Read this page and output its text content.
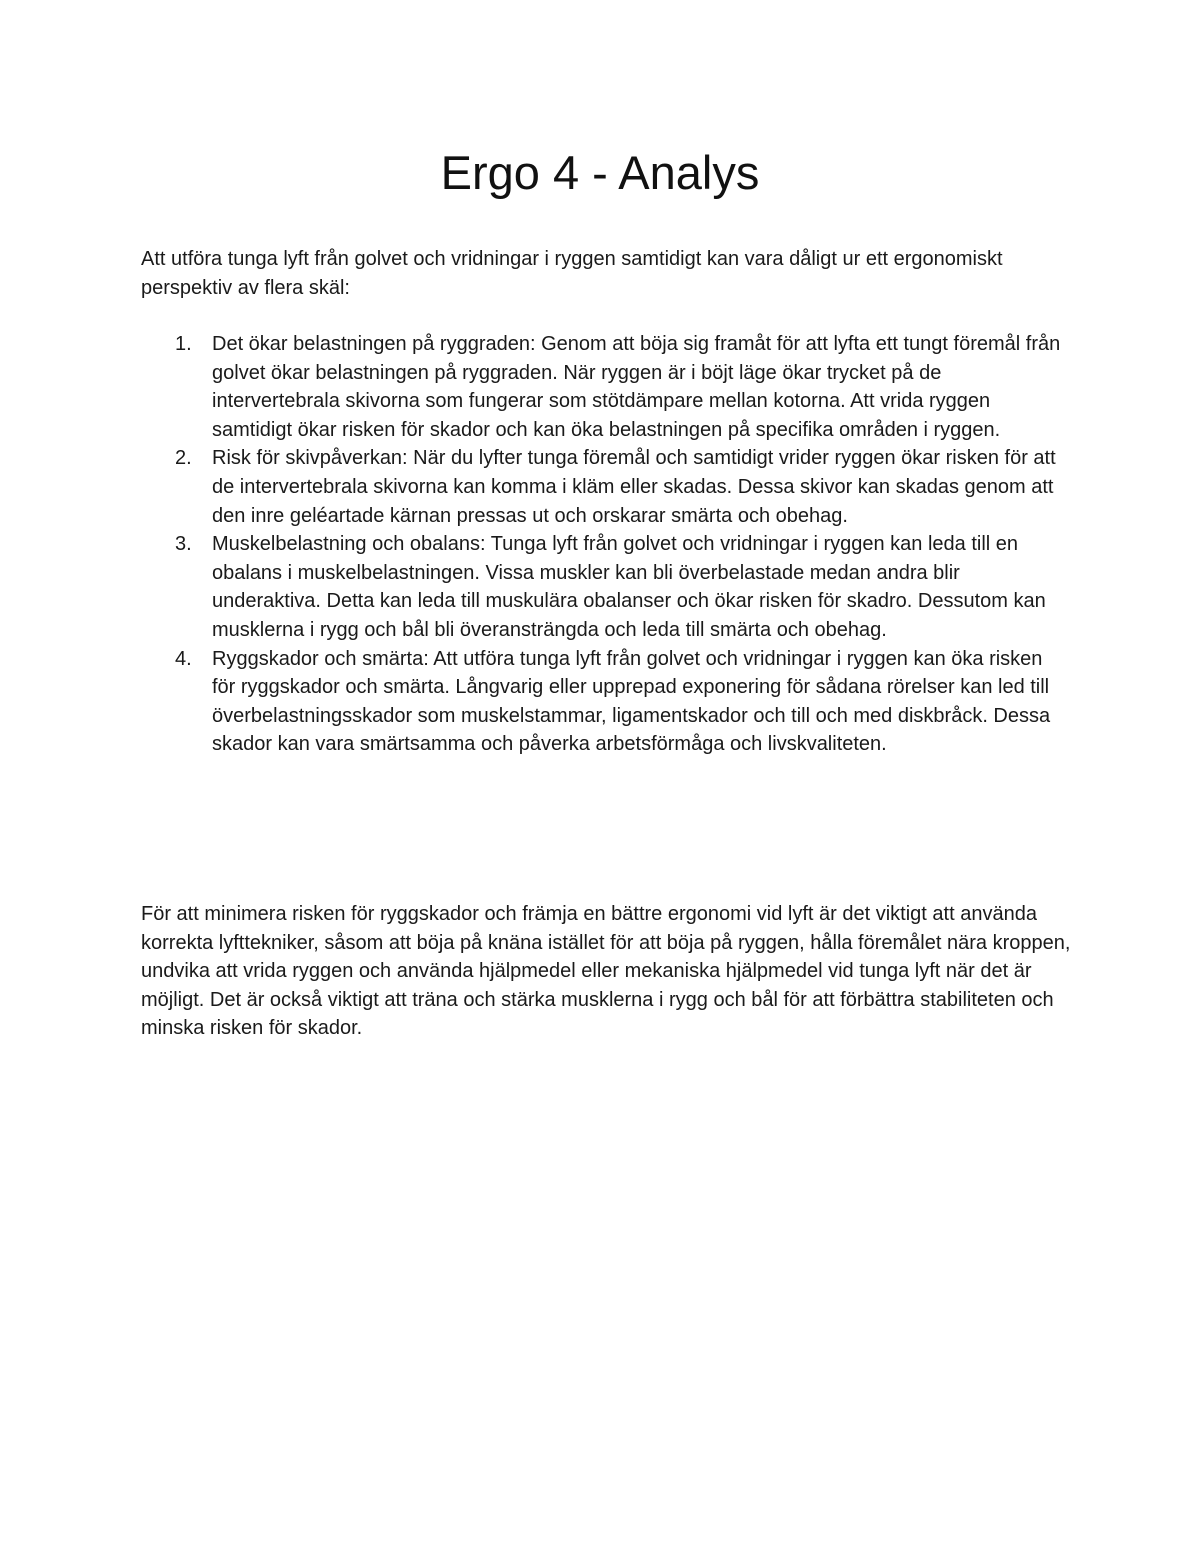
Ergo 4 - Analys

Att utföra tunga lyft från golvet och vridningar i ryggen samtidigt kan vara dåligt ur ett ergonomiskt perspektiv av flera skäl:

1. Det ökar belastningen på ryggraden: Genom att böja sig framåt för att lyfta ett tungt föremål från golvet ökar belastningen på ryggraden. När ryggen är i böjt läge ökar trycket på de intervertebrala skivorna som fungerar som stötdämpare mellan kotorna. Att vrida ryggen samtidigt ökar risken för skador och kan öka belastningen på specifika områden i ryggen.
2. Risk för skivpåverkan: När du lyfter tunga föremål och samtidigt vrider ryggen ökar risken för att de intervertebrala skivorna kan komma i kläm eller skadas. Dessa skivor kan skadas genom att den inre geléartade kärnan pressas ut och orskarar smärta och obehag.
3. Muskelbelastning och obalans: Tunga lyft från golvet och vridningar i ryggen kan leda till en obalans i muskelbelastningen. Vissa muskler kan bli överbelastade medan andra blir underaktiva. Detta kan leda till muskulära obalanser och ökar risken för skadro. Dessutom kan musklerna i rygg och bål bli överansträngda och leda till smärta och obehag.
4. Ryggskador och smärta: Att utföra tunga lyft från golvet och vridningar i ryggen kan öka risken för ryggskador och smärta. Långvarig eller upprepad exponering för sådana rörelser kan led till överbelastningsskador som muskelstammar, ligamentskador och till och med diskbråck. Dessa skador kan vara smärtsamma och påverka arbetsförmåga och livskvaliteten.

För att minimera risken för ryggskador och främja en bättre ergonomi vid lyft är det viktigt att använda korrekta lyfttekniker, såsom att böja på knäna istället för att böja på ryggen, hålla föremålet nära kroppen, undvika att vrida ryggen och använda hjälpmedel eller mekaniska hjälpmedel vid tunga lyft när det är möjligt. Det är också viktigt att träna och stärka musklerna i rygg och bål för att förbättra stabiliteten och minska risken för skador.
